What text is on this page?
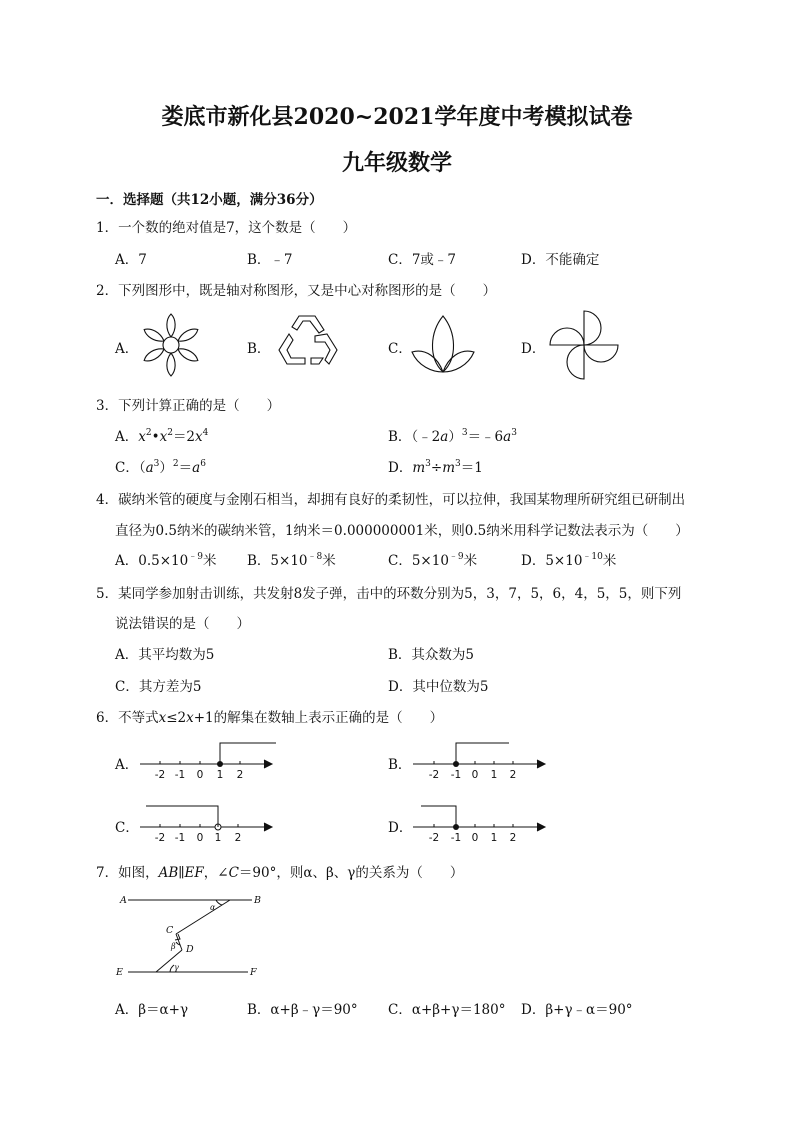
娄底市新化县2020~2021学年度中考模拟试卷
九年级数学
一．选择题（共12小题，满分36分）
1．一个数的绝对值是7，这个数是（　　）
A．7	B．﹣7	C．7或﹣7	D．不能确定
2．下列图形中，既是轴对称图形，又是中心对称图形的是（　　）
A．	B．	C．	D．
3．下列计算正确的是（　　）
A．$x^2•x^2=2x^4$	B．$(﹣2a)^3=﹣6a^3$
C．$(a^3)^2=a^6$	D．$m^3\div m^3=1$
4．碳纳米管的硬度与金刚石相当，却拥有良好的柔韧性，可以拉伸，我国某物理所研究组已研制出
直径为0.5纳米的碳纳米管，1纳米＝0.000000001米，则0.5纳米用科学记数法表示为（　　）
A．$0.5\times 10^{﹣9}$米 B．$5\times 10^{﹣8}$米	C．$5\times 10^{﹣9}$米	D．$5\times 10^{﹣10}$米
5．某同学参加射击训练，共发射8发子弹，击中的环数分别为5，3，7，5，6，4，5，5，则下列
说法错误的是（　　）
A．其平均数为5	B．其众数为5
C．其方差为5	D．其中位数为5
6．不等式x≤2x+1的解集在数轴上表示正确的是（　　）
A．	B．
C．	D．
-2 -1 0 1 2	-2 -1 0 1 2
-2 -1 0 1 2	-2 -1 0 1 2
7．如图，AB∥EF，∠C＝90°，则α、β、γ的关系为（　　）
A	B
C
D
E	F
α
β
γ
A．β＝α+γ	B．α+β﹣γ＝90° C．α+β+γ＝180° D．β+γ﹣α＝90°
